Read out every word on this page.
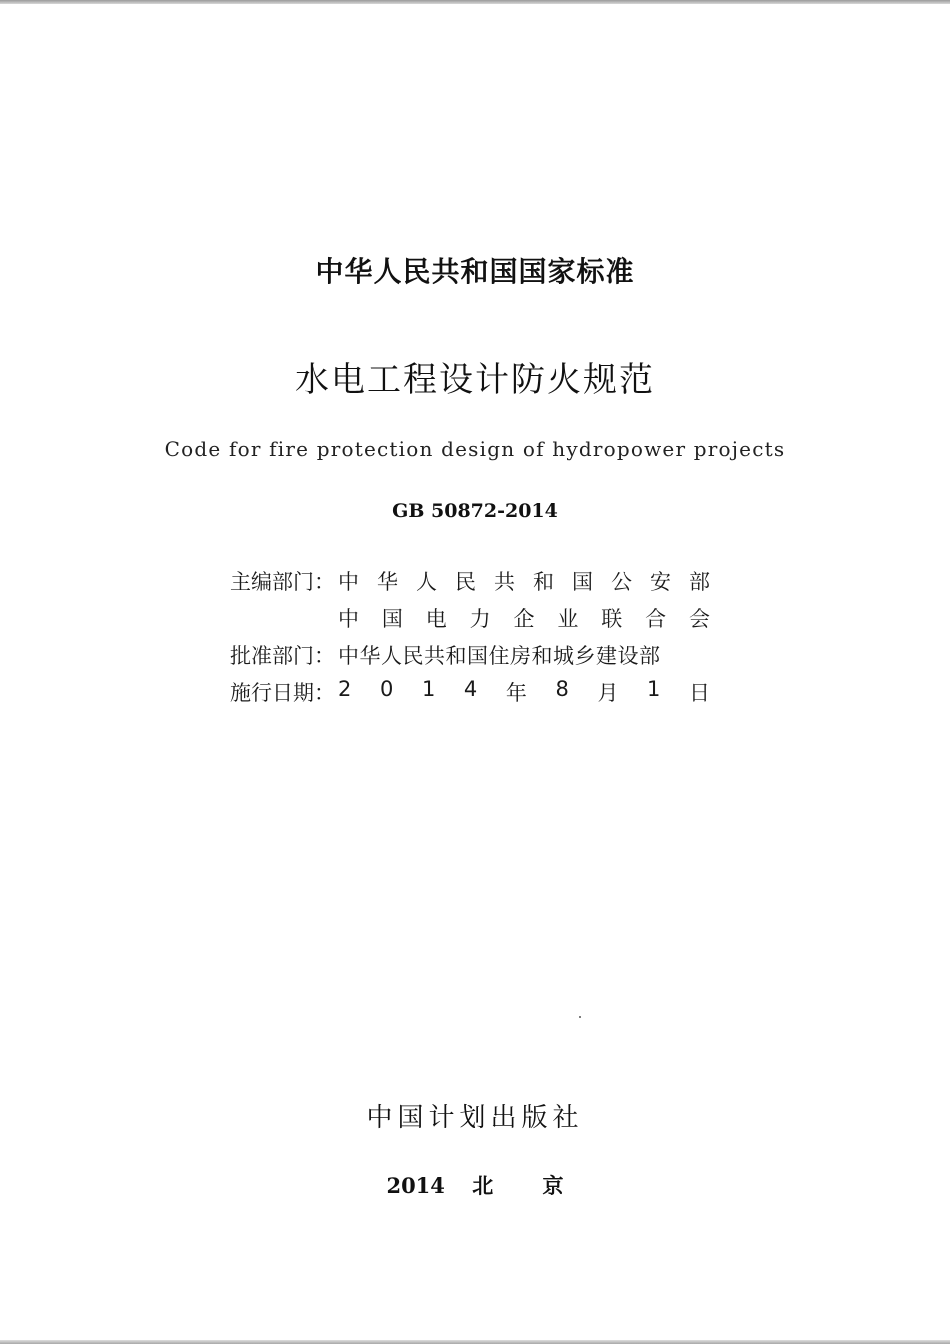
中华人民共和国国家标准
水电工程设计防火规范
Code for fire protection design of hydropower projects
GB 50872-2014
主编部门： 中 华 人 民 共 和 国 公 安 部
中 国 电 力 企 业 联 合 会
批准部门： 中华人民共和国住房和城乡建设部
施行日期： 2 0 1 4 年 8 月 1 日
中国计划出版社
2014 北 京
